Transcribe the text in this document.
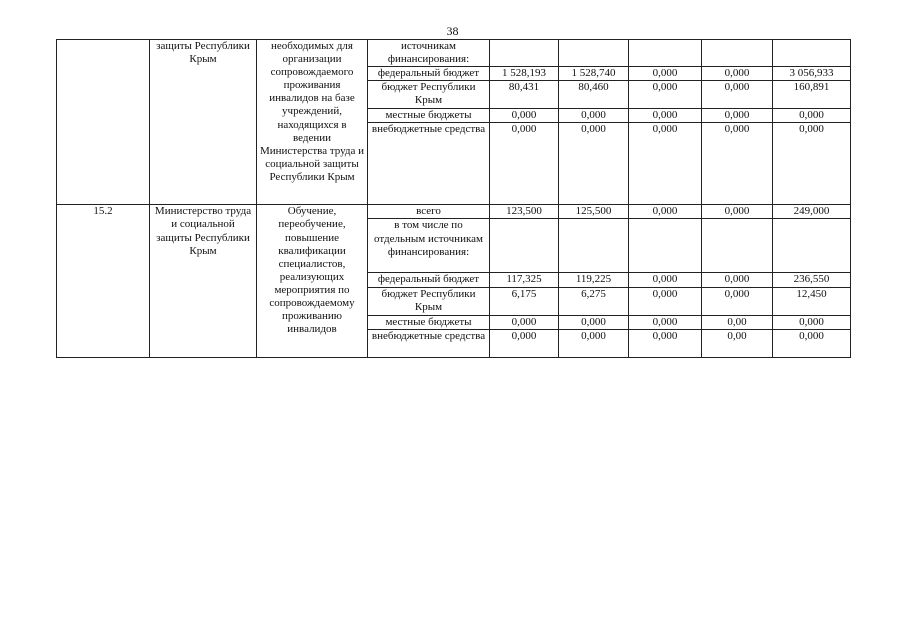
38
	защиты Республики Крым	необходимых для организации сопровождаемого проживания инвалидов на базе учреждений, находящихся в ведении Министерства труда и социальной защиты Республики Крым	источникам финансирования:					
			федеральный бюджет	1 528,193	1 528,740	0,000	0,000	3 056,933
			бюджет Республики Крым	80,431	80,460	0,000	0,000	160,891
			местные бюджеты	0,000	0,000	0,000	0,000	0,000
			внебюджетные средства	0,000	0,000	0,000	0,000	0,000
15.2	Министерство труда и социальной защиты Республики Крым	Обучение, переобучение, повышение квалификации специалистов, реализующих мероприятия по сопровождаемому проживанию инвалидов	всего	123,500	125,500	0,000	0,000	249,000
			в том числе по отдельным источникам финансирования:					
			федеральный бюджет	117,325	119,225	0,000	0,000	236,550
			бюджет Республики Крым	6,175	6,275	0,000	0,000	12,450
			местные бюджеты	0,000	0,000	0,000	0,00	0,000
			внебюджетные средства	0,000	0,000	0,000	0,00	0,000
